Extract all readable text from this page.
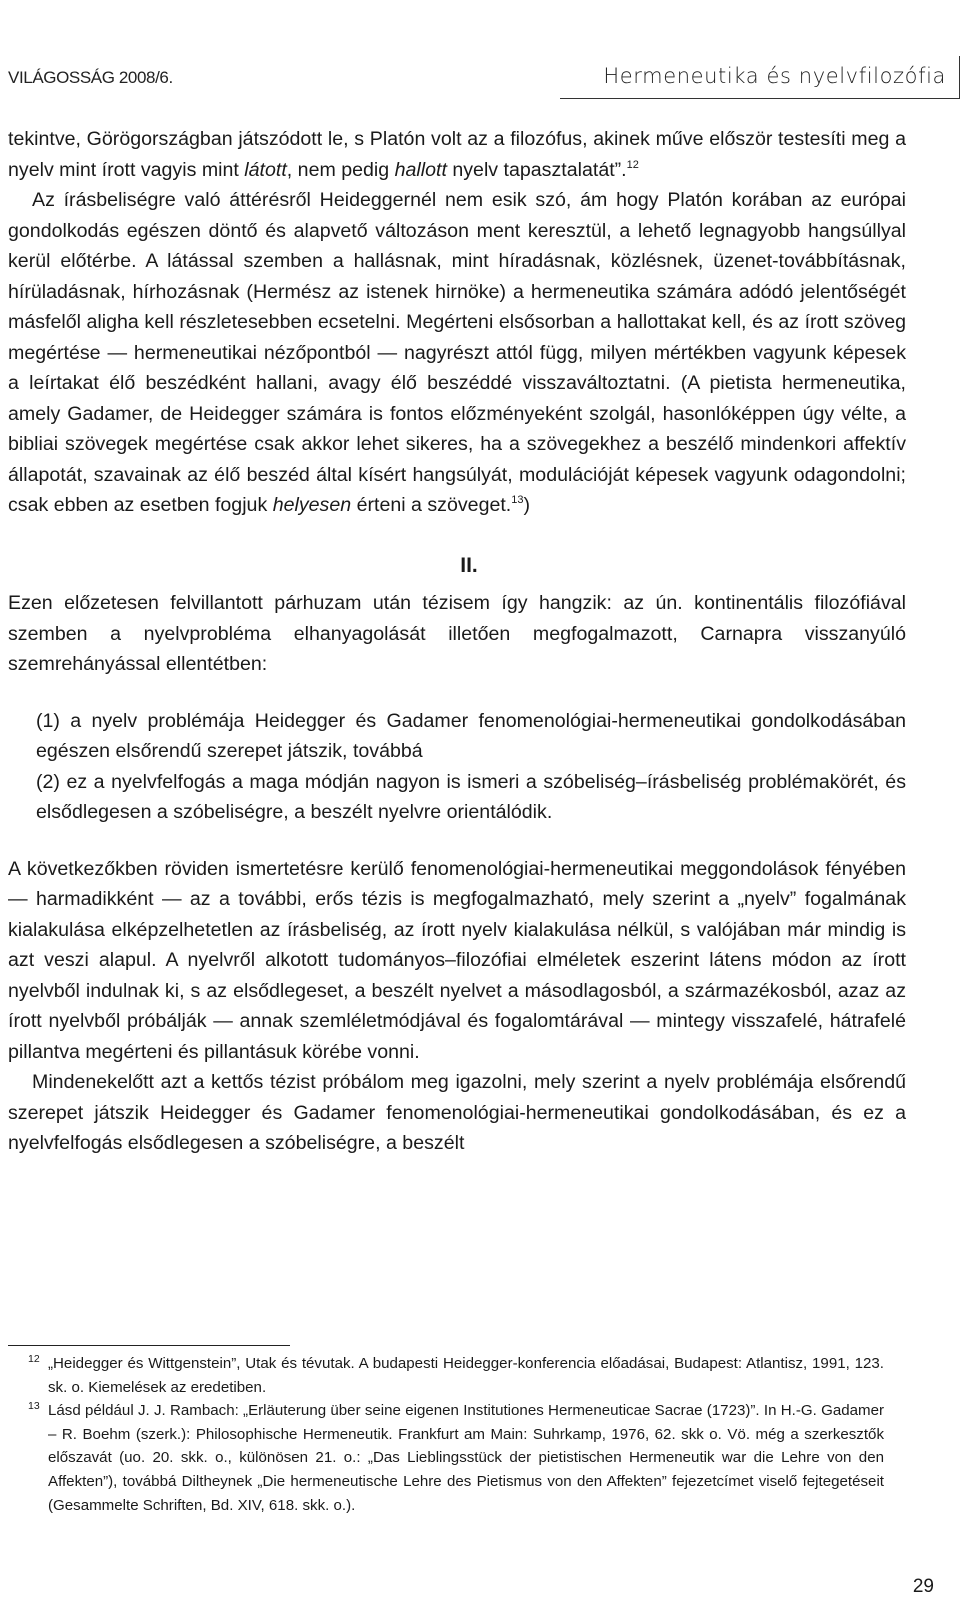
VILÁGOSSÁG 2008/6.	Hermeneutika és nyelvfilozófia

tekintve, Görögországban játszódott le, s Platón volt az a filozófus, akinek műve először testesíti meg a nyelv mint írott vagyis mint látott, nem pedig hallott nyelv tapasztalatát”.$^{12}$

Az írásbeliségre való áttérésről Heideggernél nem esik szó, ám hogy Platón korában az európai gondolkodás egészen döntő és alapvető változáson ment keresztül, a lehető legnagyobb hangsúllyal kerül előtérbe. A látással szemben a hallásnak, mint híradásnak, közlésnek, üzenet-továbbításnak, hírüladásnak, hírhozásnak (Hermész az istenek hirnöke) a hermeneutika számára adódó jelentőségét másfelől aligha kell részletesebben ecsetelni. Megérteni elsősorban a hallottakat kell, és az írott szöveg megértése — hermeneutikai nézőpontból — nagyrészt attól függ, milyen mértékben vagyunk képesek a leírtakat élő beszédként hallani, avagy élő beszéddé visszaváltoztatni. (A pietista hermeneutika, amely Gadamer, de Heidegger számára is fontos előzményeként szolgál, hasonlóképpen úgy vélte, a bibliai szövegek megértése csak akkor lehet sikeres, ha a szövegekhez a beszélő mindenkori affektív állapotát, szavainak az élő beszéd által kísért hangsúlyát, modulációját képesek vagyunk odagondolni; csak ebben az esetben fogjuk helyesen érteni a szöveget.$^{13}$)

II.

Ezen előzetesen felvillantott párhuzam után tézisem így hangzik: az ún. kontinentális filozófiával szemben a nyelvprobléma elhanyagolását illetően megfogalmazott, Carnapra visszanyúló szemrehányással ellentétben:

(1) a nyelv problémája Heidegger és Gadamer fenomenológiai-hermeneutikai gondolkodásában egészen elsőrendű szerepet játszik, továbbá

(2) ez a nyelvfelfogás a maga módján nagyon is ismeri a szóbeliség–írásbeliség problémakörét, és elsődlegesen a szóbeliségre, a beszélt nyelvre orientálódik.

A következőkben röviden ismertetésre kerülő fenomenológiai-hermeneutikai meggondolások fényében — harmadikként — az a további, erős tézis is megfogalmazható, mely szerint a „nyelv” fogalmának kialakulása elképzelhetetlen az írásbeliség, az írott nyelv kialakulása nélkül, s valójában már mindig is azt veszi alapul. A nyelvről alkotott tudományos–filozófiai elméletek eszerint látens módon az írott nyelvből indulnak ki, s az elsődlegeset, a beszélt nyelvet a másodlagosból, a származékosból, azaz az írott nyelvből próbálják — annak szemléletmódjával és fogalomtárával — mintegy visszafelé, hátrafelé pillantva megérteni és pillantásuk körébe vonni.

Mindenekelőtt azt a kettős tézist próbálom meg igazolni, mely szerint a nyelv problémája elsőrendű szerepet játszik Heidegger és Gadamer fenomenológiai-hermeneutikai gondolkodásában, és ez a nyelvfelfogás elsődlegesen a szóbeliségre, a beszélt

12 „Heidegger és Wittgenstein”, Utak és tévutak. A budapesti Heidegger-konferencia előadásai, Budapest: Atlantisz, 1991, 123. sk. o. Kiemelések az eredetiben.

13 Lásd például J. J. Rambach: „Erläuterung über seine eigenen Institutiones Hermeneuticae Sacrae (1723)”. In H.-G. Gadamer – R. Boehm (szerk.): Philosophische Hermeneutik. Frankfurt am Main: Suhrkamp, 1976, 62. skk o. Vö. még a szerkesztők előszavát (uo. 20. skk. o., különösen 21. o.: „Das Lieblingsstück der pietistischen Hermeneutik war die Lehre von den Affekten”), továbbá Diltheynek „Die hermeneutische Lehre des Pietismus von den Affekten” fejezetcímet viselő fejtegetéseit (Gesammelte Schriften, Bd. XIV, 618. skk. o.).

29
